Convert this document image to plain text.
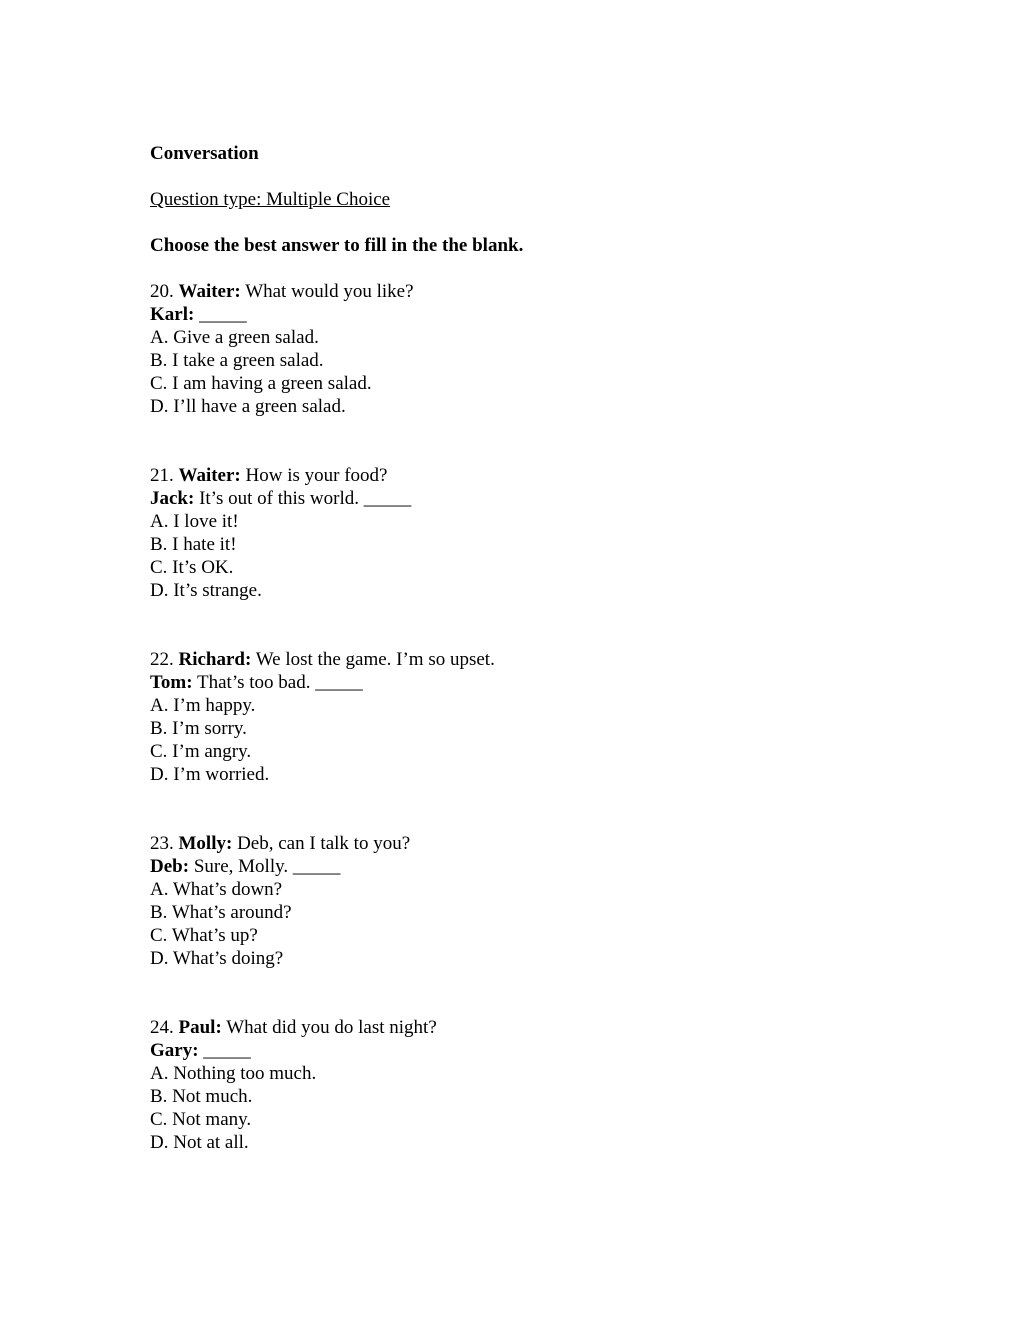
Conversation
Question type: Multiple Choice
Choose the best answer to fill in the the blank.
20. Waiter: What would you like?
Karl: _____
A. Give a green salad.
B. I take a green salad.
C. I am having a green salad.
D. I’ll have a green salad.
21. Waiter: How is your food?
Jack: It’s out of this world. _____
A. I love it!
B. I hate it!
C. It’s OK.
D. It’s strange.
22. Richard: We lost the game. I’m so upset.
Tom: That’s too bad. _____
A. I’m happy.
B. I’m sorry.
C. I’m angry.
D. I’m worried.
23. Molly: Deb, can I talk to you?
Deb: Sure, Molly. _____
A. What’s down?
B. What’s around?
C. What’s up?
D. What’s doing?
24. Paul: What did you do last night?
Gary: _____
A. Nothing too much.
B. Not much.
C. Not many.
D. Not at all.
